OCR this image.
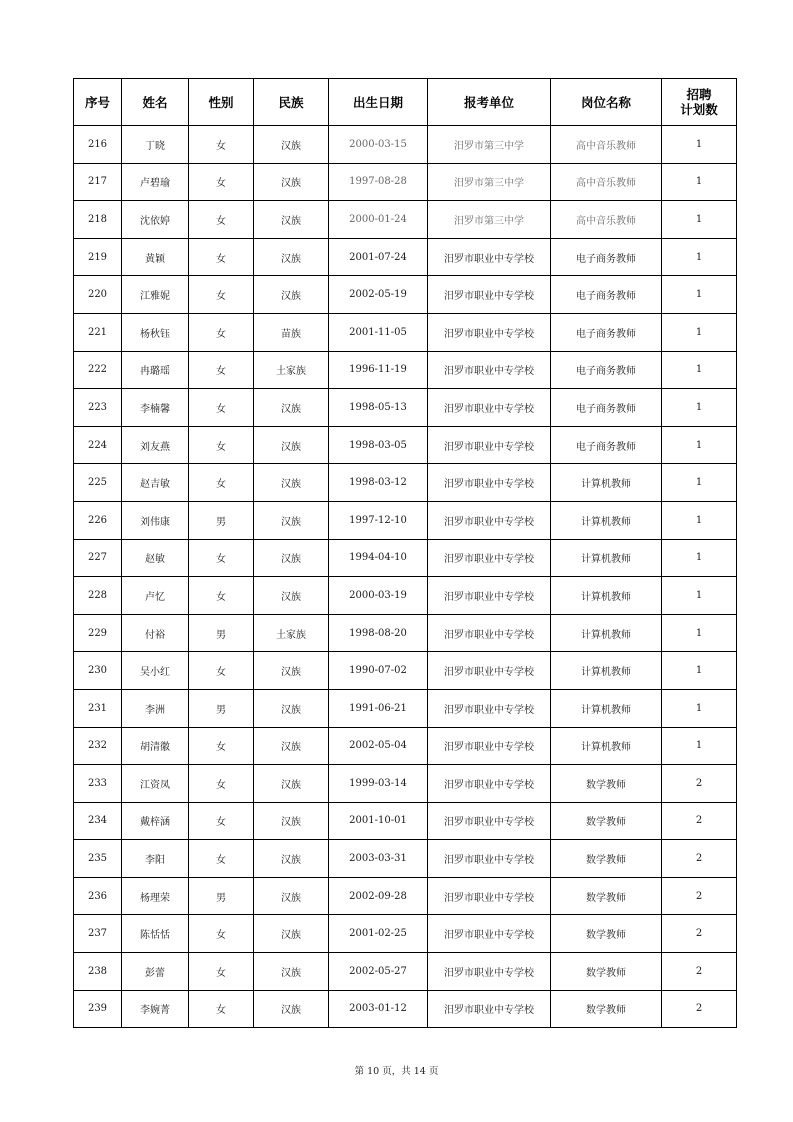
序号	姓名	性别	民族	出生日期	报考单位	岗位名称	招聘
计划数
216	丁晓	女	汉族	2000-03-15	汨罗市第三中学	高中音乐教师	1
217	卢碧瑜	女	汉族	1997-08-28	汨罗市第三中学	高中音乐教师	1
218	沈依婷	女	汉族	2000-01-24	汨罗市第三中学	高中音乐教师	1
219	黄颖	女	汉族	2001-07-24	汨罗市职业中专学校	电子商务教师	1
220	江雅妮	女	汉族	2002-05-19	汨罗市职业中专学校	电子商务教师	1
221	杨秋钰	女	苗族	2001-11-05	汨罗市职业中专学校	电子商务教师	1
222	冉璐瑶	女	土家族	1996-11-19	汨罗市职业中专学校	电子商务教师	1
223	李楠馨	女	汉族	1998-05-13	汨罗市职业中专学校	电子商务教师	1
224	刘友燕	女	汉族	1998-03-05	汨罗市职业中专学校	电子商务教师	1
225	赵吉敏	女	汉族	1998-03-12	汨罗市职业中专学校	计算机教师	1
226	刘伟康	男	汉族	1997-12-10	汨罗市职业中专学校	计算机教师	1
227	赵敏	女	汉族	1994-04-10	汨罗市职业中专学校	计算机教师	1
228	卢忆	女	汉族	2000-03-19	汨罗市职业中专学校	计算机教师	1
229	付裕	男	土家族	1998-08-20	汨罗市职业中专学校	计算机教师	1
230	吴小红	女	汉族	1990-07-02	汨罗市职业中专学校	计算机教师	1
231	李洲	男	汉族	1991-06-21	汨罗市职业中专学校	计算机教师	1
232	胡清徽	女	汉族	2002-05-04	汨罗市职业中专学校	计算机教师	1
233	江资凤	女	汉族	1999-03-14	汨罗市职业中专学校	数学教师	2
234	戴梓涵	女	汉族	2001-10-01	汨罗市职业中专学校	数学教师	2
235	李阳	女	汉族	2003-03-31	汨罗市职业中专学校	数学教师	2
236	杨理荣	男	汉族	2002-09-28	汨罗市职业中专学校	数学教师	2
237	陈恬恬	女	汉族	2001-02-25	汨罗市职业中专学校	数学教师	2
238	彭蕾	女	汉族	2002-05-27	汨罗市职业中专学校	数学教师	2
239	李婉菁	女	汉族	2003-01-12	汨罗市职业中专学校	数学教师	2
第 10 页，共 14 页
